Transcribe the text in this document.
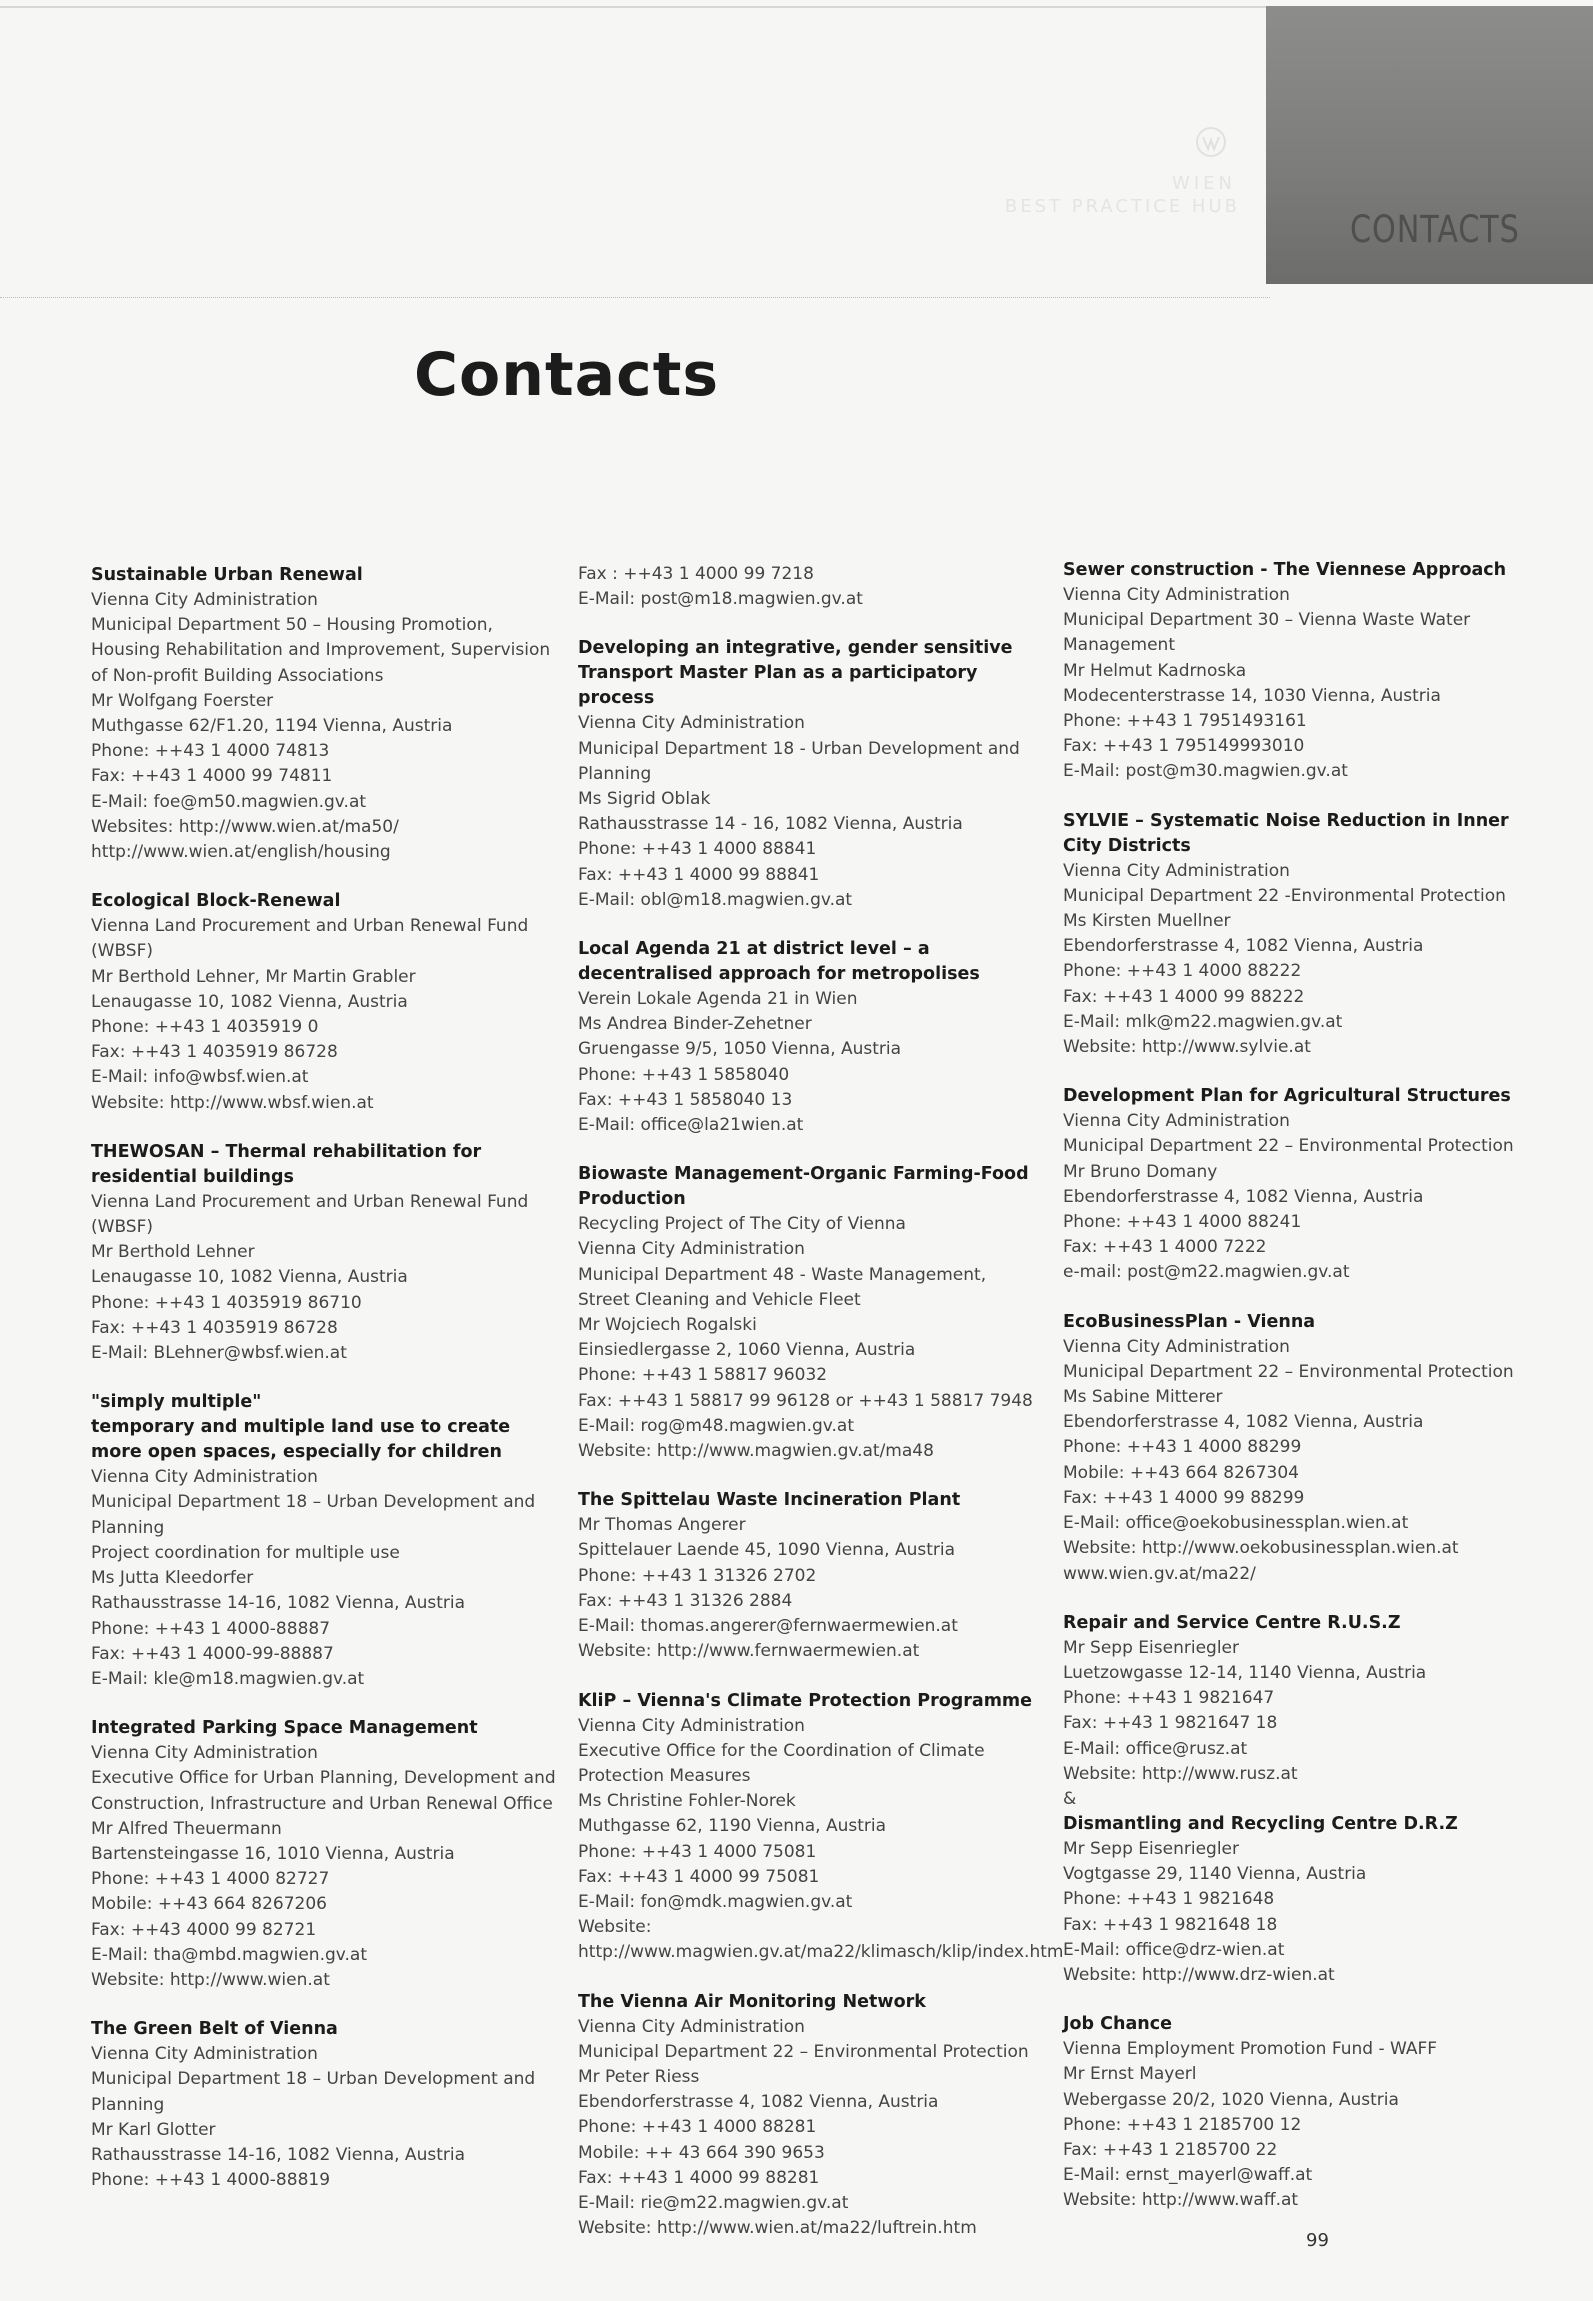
WIEN
BEST PRACTICE HUB
CONTACTS
Contacts
Sustainable Urban Renewal
Vienna City Administration
Municipal Department 50 – Housing Promotion, Housing Rehabilitation and Improvement, Supervision of Non-profit Building Associations
Mr Wolfgang Foerster
Muthgasse 62/F1.20, 1194 Vienna, Austria
Phone: ++43 1 4000 74813
Fax: ++43 1 4000 99 74811
E-Mail: foe@m50.magwien.gv.at
Websites: http://www.wien.at/ma50/
http://www.wien.at/english/housing
Ecological Block-Renewal
Vienna Land Procurement and Urban Renewal Fund (WBSF)
Mr Berthold Lehner, Mr Martin Grabler
Lenaugasse 10, 1082 Vienna, Austria
Phone: ++43 1 4035919 0
Fax: ++43 1 4035919 86728
E-Mail: info@wbsf.wien.at
Website: http://www.wbsf.wien.at
THEWOSAN – Thermal rehabilitation for residential buildings
Vienna Land Procurement and Urban Renewal Fund (WBSF)
Mr Berthold Lehner
Lenaugasse 10, 1082 Vienna, Austria
Phone: ++43 1 4035919 86710
Fax: ++43 1 4035919 86728
E-Mail: BLehner@wbsf.wien.at
"simply multiple"
temporary and multiple land use to create more open spaces, especially for children
Vienna City Administration
Municipal Department 18 – Urban Development and Planning
Project coordination for multiple use
Ms Jutta Kleedorfer
Rathausstrasse 14-16, 1082 Vienna, Austria
Phone: ++43 1 4000-88887
Fax: ++43 1 4000-99-88887
E-Mail: kle@m18.magwien.gv.at
Integrated Parking Space Management
Vienna City Administration
Executive Office for Urban Planning, Development and Construction, Infrastructure and Urban Renewal Office
Mr Alfred Theuermann
Bartensteingasse 16, 1010 Vienna, Austria
Phone: ++43 1 4000 82727
Mobile: ++43 664 8267206
Fax: ++43 4000 99 82721
E-Mail: tha@mbd.magwien.gv.at
Website: http://www.wien.at
The Green Belt of Vienna
Vienna City Administration
Municipal Department 18 – Urban Development and Planning
Mr Karl Glotter
Rathausstrasse 14-16, 1082 Vienna, Austria
Phone: ++43 1 4000-88819
Fax : ++43 1 4000 99 7218
E-Mail: post@m18.magwien.gv.at
Developing an integrative, gender sensitive Transport Master Plan as a participatory process
Vienna City Administration
Municipal Department 18 - Urban Development and Planning
Ms Sigrid Oblak
Rathausstrasse 14 - 16, 1082 Vienna, Austria
Phone: ++43 1 4000 88841
Fax: ++43 1 4000 99 88841
E-Mail: obl@m18.magwien.gv.at
Local Agenda 21 at district level – a decentralised approach for metropolises
Verein Lokale Agenda 21 in Wien
Ms Andrea Binder-Zehetner
Gruengasse 9/5, 1050 Vienna, Austria
Phone: ++43 1 5858040
Fax: ++43 1 5858040 13
E-Mail: office@la21wien.at
Biowaste Management-Organic Farming-Food Production
Recycling Project of The City of Vienna
Vienna City Administration
Municipal Department 48 - Waste Management, Street Cleaning and Vehicle Fleet
Mr Wojciech Rogalski
Einsiedlergasse 2, 1060 Vienna, Austria
Phone: ++43 1 58817 96032
Fax: ++43 1 58817 99 96128 or ++43 1 58817 7948
E-Mail: rog@m48.magwien.gv.at
Website: http://www.magwien.gv.at/ma48
The Spittelau Waste Incineration Plant
Mr Thomas Angerer
Spittelauer Laende 45, 1090 Vienna, Austria
Phone: ++43 1 31326 2702
Fax: ++43 1 31326 2884
E-Mail: thomas.angerer@fernwaermewien.at
Website: http://www.fernwaermewien.at
KliP – Vienna's Climate Protection Programme
Vienna City Administration
Executive Office for the Coordination of Climate Protection Measures
Ms Christine Fohler-Norek
Muthgasse 62, 1190 Vienna, Austria
Phone: ++43 1 4000 75081
Fax: ++43 1 4000 99 75081
E-Mail: fon@mdk.magwien.gv.at
Website: http://www.magwien.gv.at/ma22/klimasch/klip/index.htm
The Vienna Air Monitoring Network
Vienna City Administration
Municipal Department 22 – Environmental Protection
Mr Peter Riess
Ebendorferstrasse 4, 1082 Vienna, Austria
Phone: ++43 1 4000 88281
Mobile: ++ 43 664 390 9653
Fax: ++43 1 4000 99 88281
E-Mail: rie@m22.magwien.gv.at
Website: http://www.wien.at/ma22/luftrein.htm
Sewer construction - The Viennese Approach
Vienna City Administration
Municipal Department 30 – Vienna Waste Water Management
Mr Helmut Kadrnoska
Modecenterstrasse 14, 1030 Vienna, Austria
Phone: ++43 1 7951493161
Fax: ++43 1 795149993010
E-Mail: post@m30.magwien.gv.at
SYLVIE – Systematic Noise Reduction in Inner City Districts
Vienna City Administration
Municipal Department 22 -Environmental Protection
Ms Kirsten Muellner
Ebendorferstrasse 4, 1082 Vienna, Austria
Phone: ++43 1 4000 88222
Fax: ++43 1 4000 99 88222
E-Mail: mlk@m22.magwien.gv.at
Website: http://www.sylvie.at
Development Plan for Agricultural Structures
Vienna City Administration
Municipal Department 22 – Environmental Protection
Mr Bruno Domany
Ebendorferstrasse 4, 1082 Vienna, Austria
Phone: ++43 1 4000 88241
Fax: ++43 1 4000 7222
e-mail: post@m22.magwien.gv.at
EcoBusinessPlan - Vienna
Vienna City Administration
Municipal Department 22 – Environmental Protection
Ms Sabine Mitterer
Ebendorferstrasse 4, 1082 Vienna, Austria
Phone: ++43 1 4000 88299
Mobile: ++43 664 8267304
Fax: ++43 1 4000 99 88299
E-Mail: office@oekobusinessplan.wien.at
Website: http://www.oekobusinessplan.wien.at
www.wien.gv.at/ma22/
Repair and Service Centre R.U.S.Z
Mr Sepp Eisenriegler
Luetzowgasse 12-14, 1140 Vienna, Austria
Phone: ++43 1 9821647
Fax: ++43 1 9821647 18
E-Mail: office@rusz.at
Website: http://www.rusz.at
&
Dismantling and Recycling Centre D.R.Z
Mr Sepp Eisenriegler
Vogtgasse 29, 1140 Vienna, Austria
Phone: ++43 1 9821648
Fax: ++43 1 9821648 18
E-Mail: office@drz-wien.at
Website: http://www.drz-wien.at
Job Chance
Vienna Employment Promotion Fund - WAFF
Mr Ernst Mayerl
Webergasse 20/2, 1020 Vienna, Austria
Phone: ++43 1 2185700 12
Fax: ++43 1 2185700 22
E-Mail: ernst_mayerl@waff.at
Website: http://www.waff.at
99
